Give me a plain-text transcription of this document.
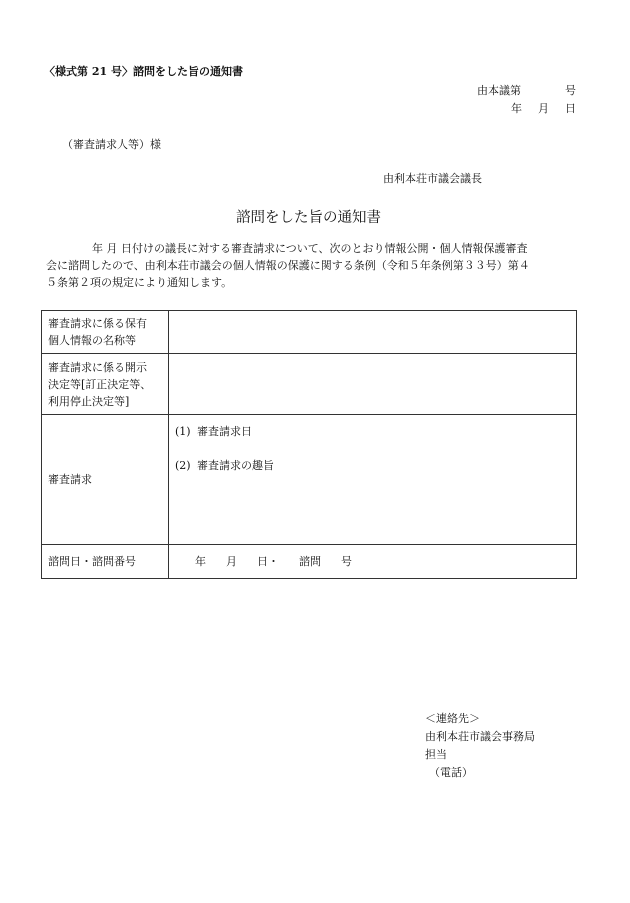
〈様式第 21 号〉諮問をした旨の通知書
由本議第	号
年 月 日
（審査請求人等）様
由利本荘市議会議長
諮問をした旨の通知書
年 月 日付けの議長に対する審査請求について、次のとおり情報公開・個人情報保護審査
会に諮問したので、由利本荘市議会の個人情報の保護に関する条例（令和５年条例第３３号）第４
５条第２項の規定により通知します。
審査請求に係る保有
個人情報の名称等	

審査請求に係る開示
決定等[訂正決定等、
利用停止決定等]	

審査請求	(1) 審査請求日
(2) 審査請求の趣旨

諮問日・諮問番号	年 月 日・ 諮問 号
＜連絡先＞
由利本荘市議会事務局
担当
（電話）
